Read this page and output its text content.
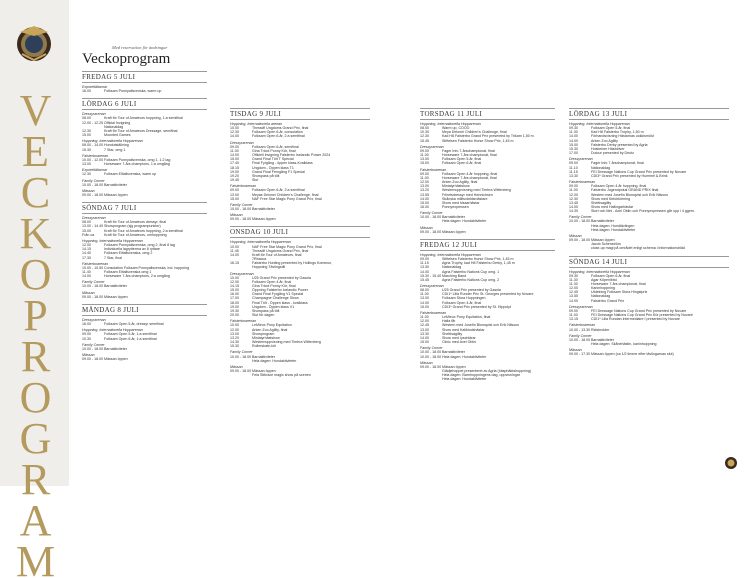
VECKOPROGRAM
Med reservation för ändringar
Veckoprogram
FREDAG 5 JULI
Expoteltältarnar
16.00	Folksam Ponnyallsvenska, warm up
LÖRDAG 6 JULI
Dressyrarenan
08.00	Kraft för Tour of Amateurs hoppning, 1:a semifinal
12.00 - 12.25 Official Invigning
Nationaldag
12.30	Kraft för Tour of Amateurs Dressage, semifinal
15.00	Mounted Games
Hoppning, Internationella Hopparenan
08.00 - 14.00 Hundutställning
15.30	7 Star, omg 1
Falsterboarenan
10.00 - 12.00 Folksam Ponnyallsvenska, omg 1, 1:2 lag
13.00	Horseware 7-års champions, 1:a omgång
Expoteltältarnar
12.30	Folksam Elitallsvenska, warm up
Family Corner
10.00 - 18.00 Barnaktiviteter
Mässan
09.00 - 18.00 Mässan öppen
SÖNDAG 7 JULI
Dressyrarenan
08.00	Kraft för Tour of Amateurs dressyr, final
13.00 - 14.40 Showprogram (sjg programpunkter)
15.00	Kraft för Tour of Amateurs hoppning, 2:a semifinal
Från ca.	Kraft för Tour of Amateurs, omhoppning
Hoppning, Internationella Hopparenan
12.00	Folksam Ponnyallsvenska, omg 2, final 8 lag
14.15	Individuella lagrytterma av 8 ryttare
14.40	Folksam Elitallsvenska, omg 2
17.30	7 Star, final
Falsterboarenan
10.00 - 10.50 Consolation Folksam Ponnyallsvenska, ind. hoppning
11.40	Folksam Elitallsvenska omg 1
14.00	Horseware 7-års champions, 2:a omgång
Family Corner
10.00 - 18.00 Barnaktiviteter
Mässan
09.00 - 18.00 Mässan öppen
MÅNDAG 8 JULI
Dressyrarenan
16.00	Folksam Open 5-år, dressyr semifinal
Hoppning, Internationella Hopparenan
09.00	Folksam Open 5-år, 1:a semifinal
10.30	Folksam Open 6-år, 1:a semifinal
Family Corner
10.00 - 18.00 Barnaktiviteter
Mässan
09.00 - 18.00 Mässan öppen
TISDAG 9 JULI
Hoppning, Internationella arenan
10.00	Threadfi Ungdoms Grand Prix, final
12.30	Folksam Open 6-år, consolation
14.00	Folksam Open 6-år, 2:a semifinal
Dressyrarenan
09.00	Folksam Open 6-år, semifinal
11.00	Gina Tricot Ponny Kür, final
14.00	Officiell invigning Falsterbo Icelandic Power 2024
15.00	Grand Final Tölt T Special
17.40	Final Fyrgång - öppen klass-Kvalklass
18.15	Ungdom - Öppen klass T1
19.00	Grand Final Femgång F1 Special
19.20	Showpass på tölt
19.45	Slut
Falsterboarenan
09.00	Folksam Open 6-år, 2:a semifinal
13.00	Meyas Delonei Children's Challenge, final
15.00	NAF Free Star Magic Pony Grand Prix, final
Family Corner
10.00 - 18.00 Barnaktiviteter
Mässan
09.00 - 18.00 Mässan öppen
ONSDAG 10 JULI
Hoppning, Internationella Hopparenan
10.00	NAF Free Star Magic Pony Grand Prix, final
11.45	Threadfi Ungdoms Grand Prix, final
14.00	Kraft för Tour of Amateurs, final
7Rbacca
16.15	Falsterbo Hunting presented by Hollings Kommun,
Hoppning Tävlingstill
Dressyrarenan
10.00	U25 Grand Prix presented by Gasola
12.00	Folksam Open 4-år, final
14.15	Gina Tricot Ponny Kür, final
15.00	Öppning Falsterbo Icelandic Power
16.00	Grand Final Fyrgång V1 Special
17.00	Champagne Challenge Show
18.00	Final Tölt - Öppen klass - kvalklass
19.00	Ungdom - Öppen klass V1
19.30	Showpass på tölt
20.00	Slut för dagen
Falsterboarenan
10.00	LeMieux Pony Equitation
12.00	Arken Zoo Agility, final
13.00	Showprogram
13.20	Miniatyrhästshow
14.30	Westernuppvisning med Timbra Wittenberg
15.30	Rollerskate-kör
Family Corner
10.00 - 18.00 Barnaktiviteter
Hela dagen: Hundaktiviteter
Mässan
09.00 - 18.00 Mässan öppen
Fela Stibrace magic show på scenen
TORSDAG 11 JULI
Hoppning, Internationella Hopparenan
08.00	Warm up, COOO
10.30	Meya Delonei Children's Challenge, final
12.30	Kad H8 Falsterbo Grand Prix presented by Trikam 1,50 m
15.45	Stiftelsen Falsterbo Horse Show Prix, 1,45 m
Dressyrarenan
09.00	Fager Info 7-årschampionat, final
11.00	Horseware 7-års championat, final
13.00	Folksam Open 5-år, final
15.00	Folksam Open 6-år, final
Falsterboarenan
09.00	Folksam Open 4-år hoppning, final
11.00	Horseware 7-års championat, final
12.00	Arken Zoo Agility, final
13.00	Miniatyrhästshow
13.20	Westernuppvisning med Timbra Wittenberg
13.55	Frihetsdressyr med Hennichsen
14.00	Skånska militsvärldsmästare
15.00	Show med hissarhästar
16.00	Ponnyexpressen
Family Corner
10.00 - 18.00 Barnaktiviteter
Hela dagen: Hundaktiviteter
Mässan
09.00 - 18.00 Mässan öppen
FREDAG 12 JULI
Hoppning, Internationella Hopparenan
09.00	Stiftelsen Falsterbo Horse Show Prix, 1,45 m
11.15	Agria Trophy, kad H8 Falsterbo Derby, 1,45 m
13.30	Nationaldag
14.00	Agria Falsterbo Nations Cup omg. 1
15.30 - 15.40 Marching Band
15.45	Agria Falsterbo Nations Cup omg. 2
Dressyrarenan
08.00	U25 Grand Prix presented by Gasola
11.00	CDI1* Lilla Runder Prix St. Georges presented by Novare
13.00	Folksam Stora Hoppningen
14.00	Folksam Open 4-år, final
15.00	CDI3* Grand Prix presented by St. Hippolyt
Falsterboarenan
11.00	LeMieux Pony Equitation, final
12.00	Halla får
12.45	Western med Josefin Blomqvist och Erik Nilsson
13.00	Show med Kallblodshästar
13.30	Shettisagility
14.00	Show med Iyschtärar
15.00	Clinic med Axel Oblin
Family Corner
10.00 - 18.00 Barnaktiviteter
10.00 - 18.00 Hela dagen: Hundaktiviteter
Mässan
09.00 - 18.00 Mässan öppen
Glädjehoppet presenteret av Agria (häsphäktshoppning)
Hela dagen: Barnhoppningens dag, uppvisningar
Hela dagen: Hundaktiviteter
LÖRDAG 13 JULI
Hoppning, Internationella Hopparenan
09.30	Folksam Open 5-år, final
11.30	Kad H8 Falsterbo Trophy, 1,50 m
14.00	Förhandsvisning Hästarnas uokkismöld
14.00	Arken Zoo Agility
15.00	Falsterbo Derby presented by Agria
15.30	Holsteiner Hästdriver
17.00	Dutour presented by Deutz
Dressyrarenan
09.00	Fager Info 7-årschampionat, final
11.10	Nationaldag
11.15	FEI Dressage Nations Cup Grand Prix presented by Novare
13.30	CDI3* Grand Prix presented by Hummel & Brink
Falsterboarenan
09.00	Folksam Open 4-år hoppning, final
11.00	Falsterbo Jugendpokal GRAND PRIX final
12.00	Western med Josefin Blomqvist och Erik Nilsson
12.30	Show med förkörkörning
13.45	Shettisagility
14.00	Show med Hallingarhästar
14.30	Stort och litet - Axel Oblin och Ponnyexpressen går upp i 4 ggern.
Family Corner
10.00 - 18.00 Barnaktiviteter
Hela dagen: Hundtävlingen
Hela dagen: Hundaktiviteter
Mässan
09.00 - 18.00 Mässan öppen
Jacob Schenström
close-up magi på området enligt schema i informationsbläd
SÖNDAG 14 JULI
Hoppning, Internationella Hopparenan
09.30	Folksam Open 6-år, final
11.30	Agar Köpenibitd
11.30	Horseware 7-års championat, final
12.00	Kaninhoppning
12.45	Utdelning Folksam Stora Hingstprix
13.55	Nationaldag
14.00	Falsterbo Grand Prix
Dressyrarenan
09.00	FEI Dressage Nations Cup Grand Prix presented by Novare
11.00	FEI Dressage Nations Cup Grand Prix Kür presented by Novare
13.15	CDI1* Lilla Rundan Intermediaire I presented by Novare
Falsterboarenan
10.00 - 13.30 Ridsbrolder
Family Corner
10.00 - 18.00 Barnaktiviteter
Hela dagen: Skånehästin, kaninhoppning
Mässan
09.00 - 17.30 Mässan öppen (ca 1/2 timme efter tävlingarnas slut)
